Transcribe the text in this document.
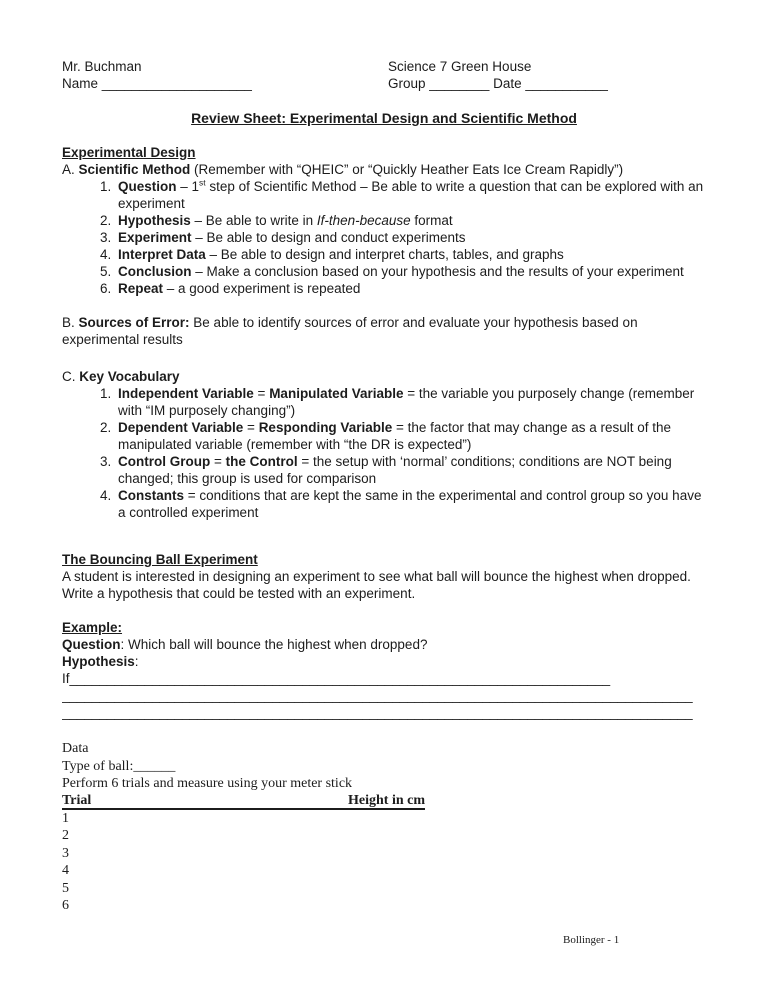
Mr. Buchman
Name ____________________
Science 7 Green House
Group ________ Date ___________
Review Sheet: Experimental Design and Scientific Method
Experimental Design
A. Scientific Method (Remember with “QHEIC” or “Quickly Heather Eats Ice Cream Rapidly”)
1. Question – 1st step of Scientific Method – Be able to write a question that can be explored with an experiment
2. Hypothesis – Be able to write in If-then-because format
3. Experiment – Be able to design and conduct experiments
4. Interpret Data – Be able to design and interpret charts, tables, and graphs
5. Conclusion – Make a conclusion based on your hypothesis and the results of your experiment
6. Repeat – a good experiment is repeated
B. Sources of Error: Be able to identify sources of error and evaluate your hypothesis based on experimental results
C. Key Vocabulary
1. Independent Variable = Manipulated Variable = the variable you purposely change (remember with “IM purposely changing”)
2. Dependent Variable = Responding Variable = the factor that may change as a result of the manipulated variable (remember with “the DR is expected”)
3. Control Group = the Control = the setup with ‘normal’ conditions; conditions are NOT being changed; this group is used for comparison
4. Constants = conditions that are kept the same in the experimental and control group so you have a controlled experiment
The Bouncing Ball Experiment
A student is interested in designing an experiment to see what ball will bounce the highest when dropped. Write a hypothesis that could be tested with an experiment.
Example:
Question: Which ball will bounce the highest when dropped?
Hypothesis:
If________________________________________________________________________
____________________________________________________________________________________
____________________________________________________________________________________
Data
Type of ball:______
Perform 6 trials and measure using your meter stick
Trial	Height in cm
1
2
3
4
5
6
Bollinger - 1
